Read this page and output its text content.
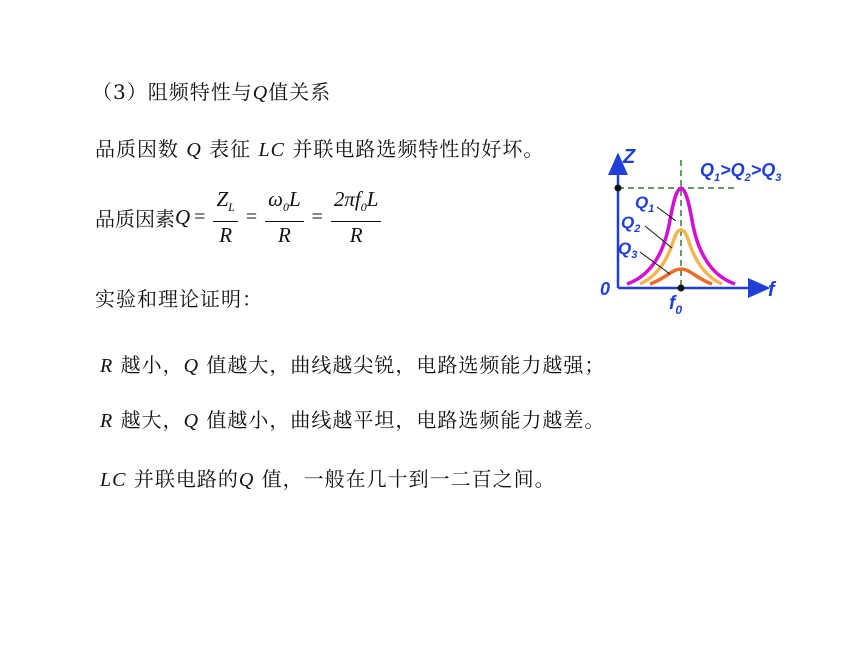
（3）阻频特性与Q值关系
品质因数 Q 表征 LC 并联电路选频特性的好坏。
品质因素 $Q = \frac{Z_L}{R} = \frac{\omega_0L}{R} = \frac{2\pi f_0L}{R}$
实验和理论证明：
R 越小，Q 值越大，曲线越尖锐，电路选频能力越强；
R 越大，Q 值越小，曲线越平坦，电路选频能力越差。
LC 并联电路的Q 值，一般在几十到一二百之间。
Z
f
0
$f_0$
$Q_1>Q_2>Q_3$
$Q_1$
$Q_2$
$Q_3$
